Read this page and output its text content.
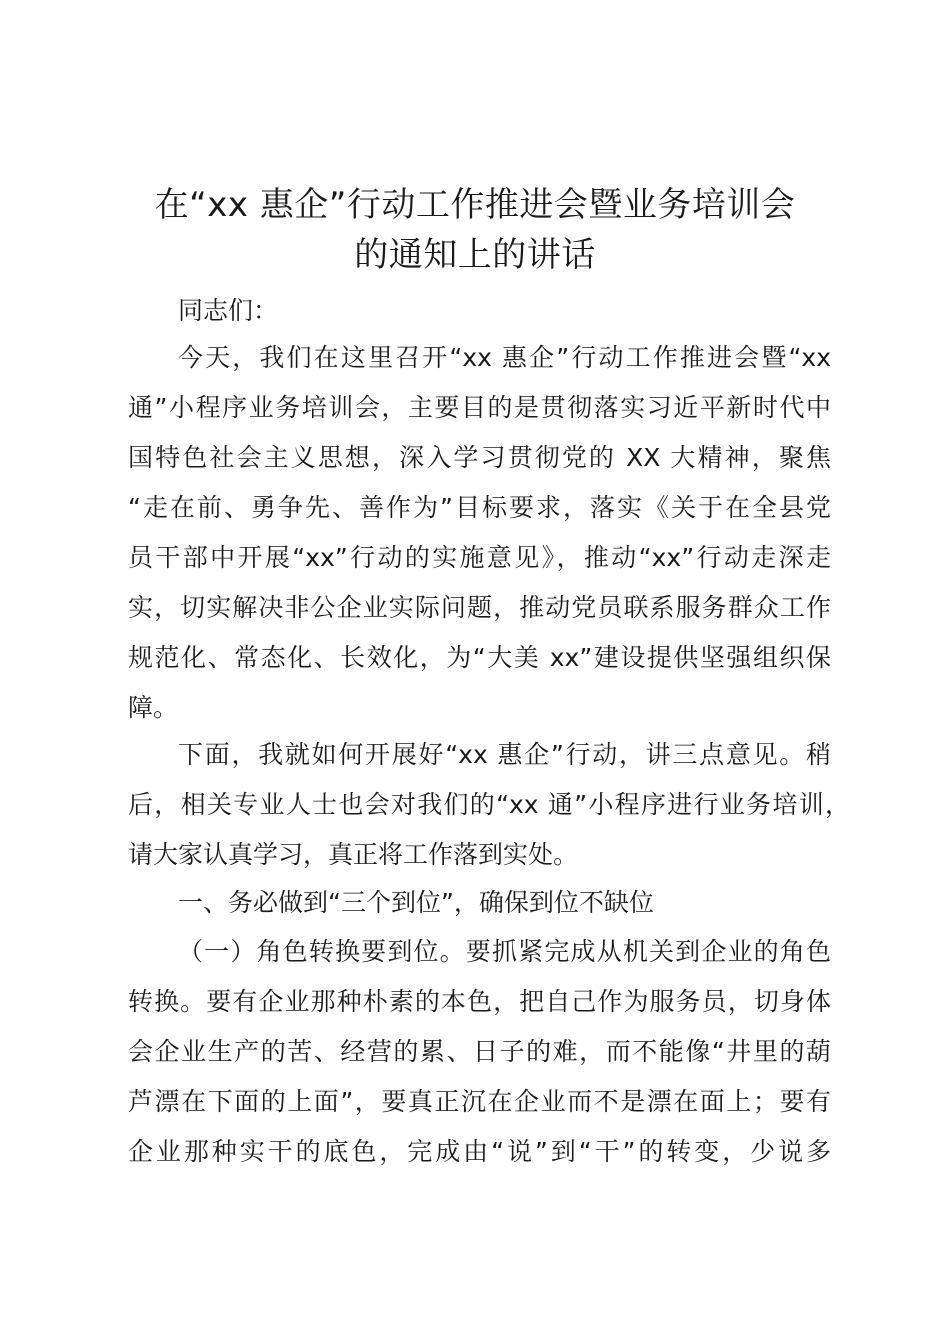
在“xx 惠企”行动工作推进会暨业务培训会
的通知上的讲话

同志们：

今天，我们在这里召开“xx 惠企”行动工作推进会暨“xx

通”小程序业务培训会，主要目的是贯彻落实习近平新时代中

国特色社会主义思想，深入学习贯彻党的 XX 大精神，聚焦

“走在前、勇争先、善作为”目标要求，落实《关于在全县党

员干部中开展“xx”行动的实施意见》，推动“xx”行动走深走

实，切实解决非公企业实际问题，推动党员联系服务群众工作

规范化、常态化、长效化，为“大美 xx”建设提供坚强组织保

障。

下面，我就如何开展好“xx 惠企”行动，讲三点意见。稍

后，相关专业人士也会对我们的“xx 通”小程序进行业务培训，

请大家认真学习，真正将工作落到实处。

一、务必做到“三个到位”，确保到位不缺位

（一）角色转换要到位。要抓紧完成从机关到企业的角色

转换。要有企业那种朴素的本色，把自己作为服务员，切身体

会企业生产的苦、经营的累、日子的难，而不能像“井里的葫

芦漂在下面的上面”，要真正沉在企业而不是漂在面上；要有

企业那种实干的底色，完成由“说”到“干”的转变，少说多
